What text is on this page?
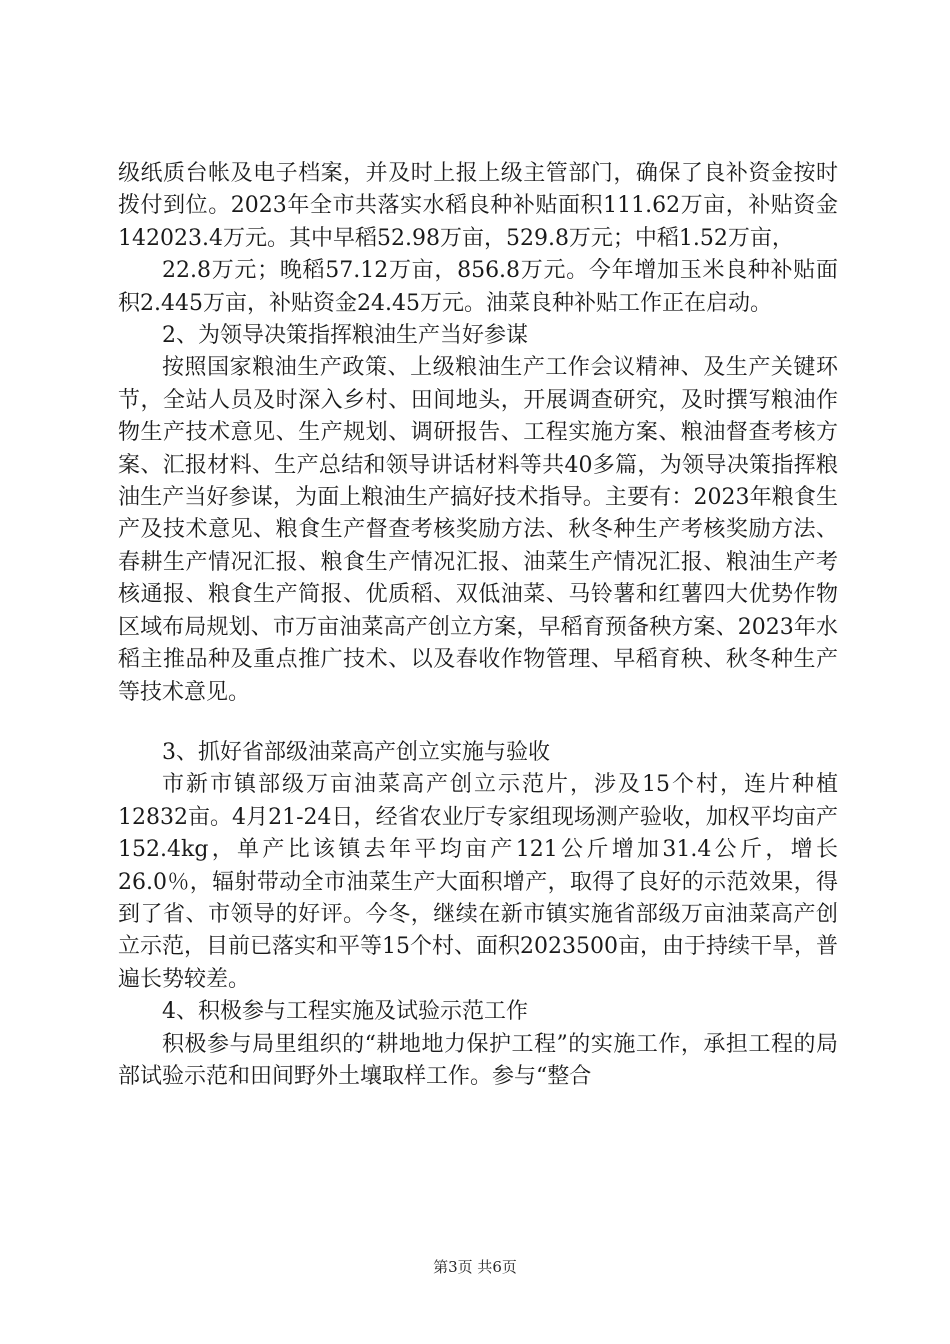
级纸质台帐及电子档案，并及时上报上级主管部门，确保了良补资金按时拨付到位。2023年全市共落实水稻良种补贴面积111.62万亩，补贴资金142023.4万元。其中早稻52.98万亩，529.8万元；中稻1.52万亩，

22.8万元；晚稻57.12万亩，856.8万元。今年增加玉米良种补贴面积2.445万亩，补贴资金24.45万元。油菜良种补贴工作正在启动。

2、为领导决策指挥粮油生产当好参谋

按照国家粮油生产政策、上级粮油生产工作会议精神、及生产关键环节，全站人员及时深入乡村、田间地头，开展调查研究，及时撰写粮油作物生产技术意见、生产规划、调研报告、工程实施方案、粮油督查考核方案、汇报材料、生产总结和领导讲话材料等共40多篇，为领导决策指挥粮油生产当好参谋，为面上粮油生产搞好技术指导。主要有：2023年粮食生产及技术意见、粮食生产督查考核奖励方法、秋冬种生产考核奖励方法、春耕生产情况汇报、粮食生产情况汇报、油菜生产情况汇报、粮油生产考核通报、粮食生产简报、优质稻、双低油菜、马铃薯和红薯四大优势作物区域布局规划、市万亩油菜高产创立方案，早稻育预备秧方案、2023年水稻主推品种及重点推广技术、以及春收作物管理、早稻育秧、秋冬种生产等技术意见。

3、抓好省部级油菜高产创立实施与验收

市新市镇部级万亩油菜高产创立示范片，涉及15个村，连片种植12832亩。4月21-24日，经省农业厅专家组现场测产验收，加权平均亩产152.4kg，单产比该镇去年平均亩产121公斤增加31.4公斤，增长26.0％，辐射带动全市油菜生产大面积增产，取得了良好的示范效果，得到了省、市领导的好评。今冬，继续在新市镇实施省部级万亩油菜高产创立示范，目前已落实和平等15个村、面积2023500亩，由于持续干旱，普遍长势较差。

4、积极参与工程实施及试验示范工作

积极参与局里组织的“耕地地力保护工程”的实施工作，承担工程的局部试验示范和田间野外土壤取样工作。参与“整合

第3页 共6页
